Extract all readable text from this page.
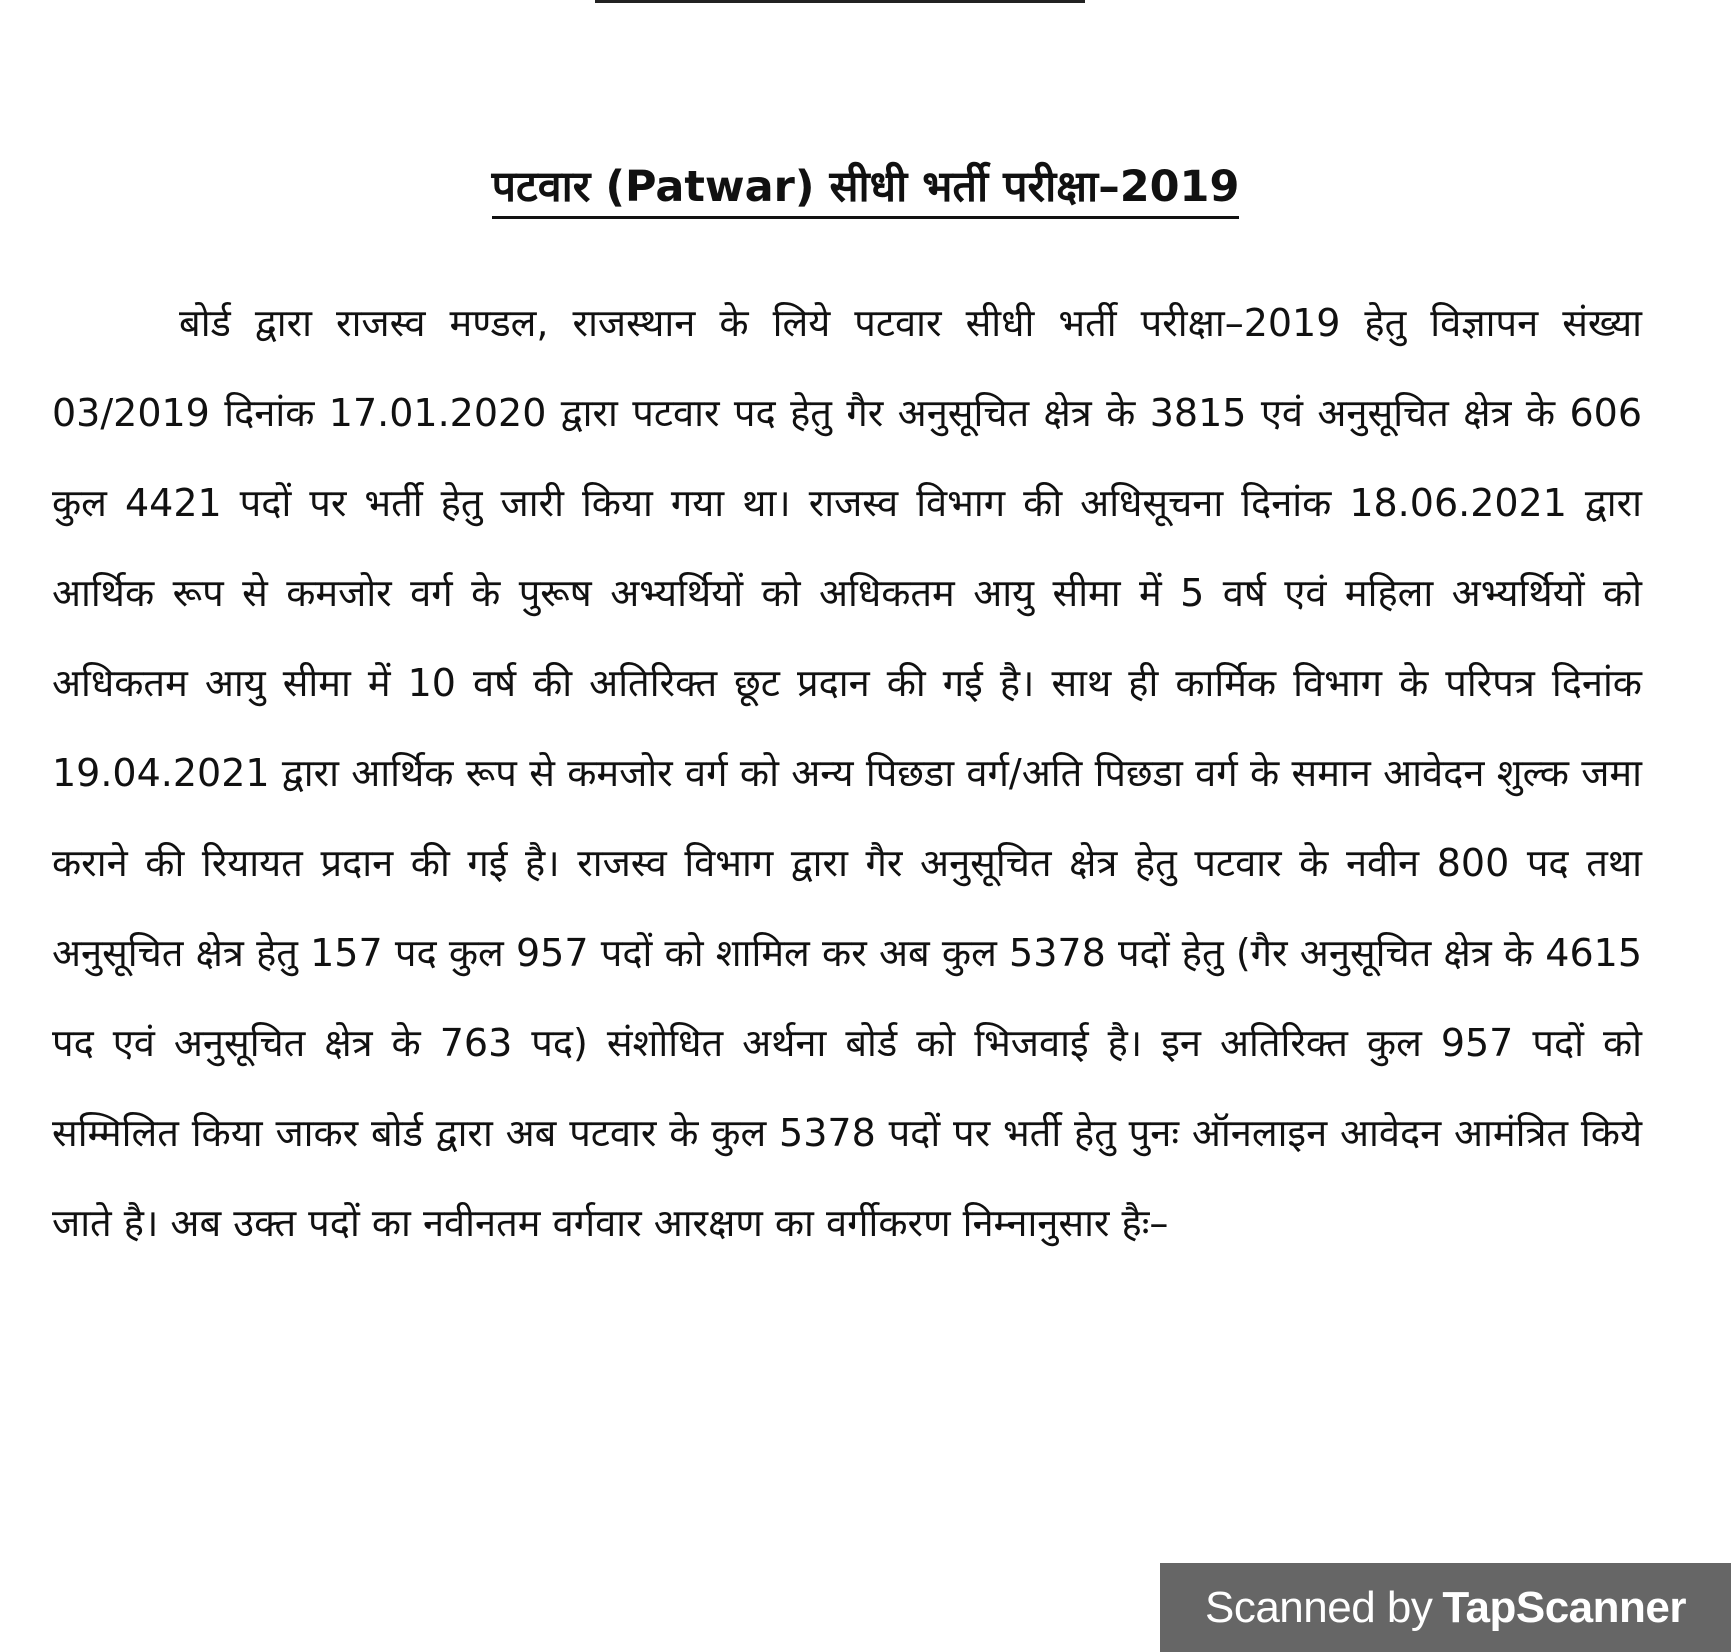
पटवार (Patwar) सीधी भर्ती परीक्षा–2019

बोर्ड द्वारा राजस्व मण्डल, राजस्थान के लिये पटवार सीधी भर्ती परीक्षा–2019 हेतु विज्ञापन संख्या 03/2019 दिनांक 17.01.2020 द्वारा पटवार पद हेतु गैर अनुसूचित क्षेत्र के 3815 एवं अनुसूचित क्षेत्र के 606 कुल 4421 पदों पर भर्ती हेतु जारी किया गया था। राजस्व विभाग की अधिसूचना दिनांक 18.06.2021 द्वारा आर्थिक रूप से कमजोर वर्ग के पुरूष अभ्यर्थियों को अधिकतम आयु सीमा में 5 वर्ष एवं महिला अभ्यर्थियों को अधिकतम आयु सीमा में 10 वर्ष की अतिरिक्त छूट प्रदान की गई है। साथ ही कार्मिक विभाग के परिपत्र दिनांक 19.04.2021 द्वारा आर्थिक रूप से कमजोर वर्ग को अन्य पिछडा वर्ग/अति पिछडा वर्ग के समान आवेदन शुल्क जमा कराने की रियायत प्रदान की गई है। राजस्व विभाग द्वारा गैर अनुसूचित क्षेत्र हेतु पटवार के नवीन 800 पद तथा अनुसूचित क्षेत्र हेतु 157 पद कुल 957 पदों को शामिल कर अब कुल 5378 पदों हेतु (गैर अनुसूचित क्षेत्र के 4615 पद एवं अनुसूचित क्षेत्र के 763 पद) संशोधित अर्थना बोर्ड को भिजवाई है। इन अतिरिक्त कुल 957 पदों को सम्मिलित किया जाकर बोर्ड द्वारा अब पटवार के कुल 5378 पदों पर भर्ती हेतु पुनः ऑनलाइन आवेदन आमंत्रित किये जाते है। अब उक्त पदों का नवीनतम वर्गवार आरक्षण का वर्गीकरण निम्नानुसार हैः–

Scanned by TapScanner
